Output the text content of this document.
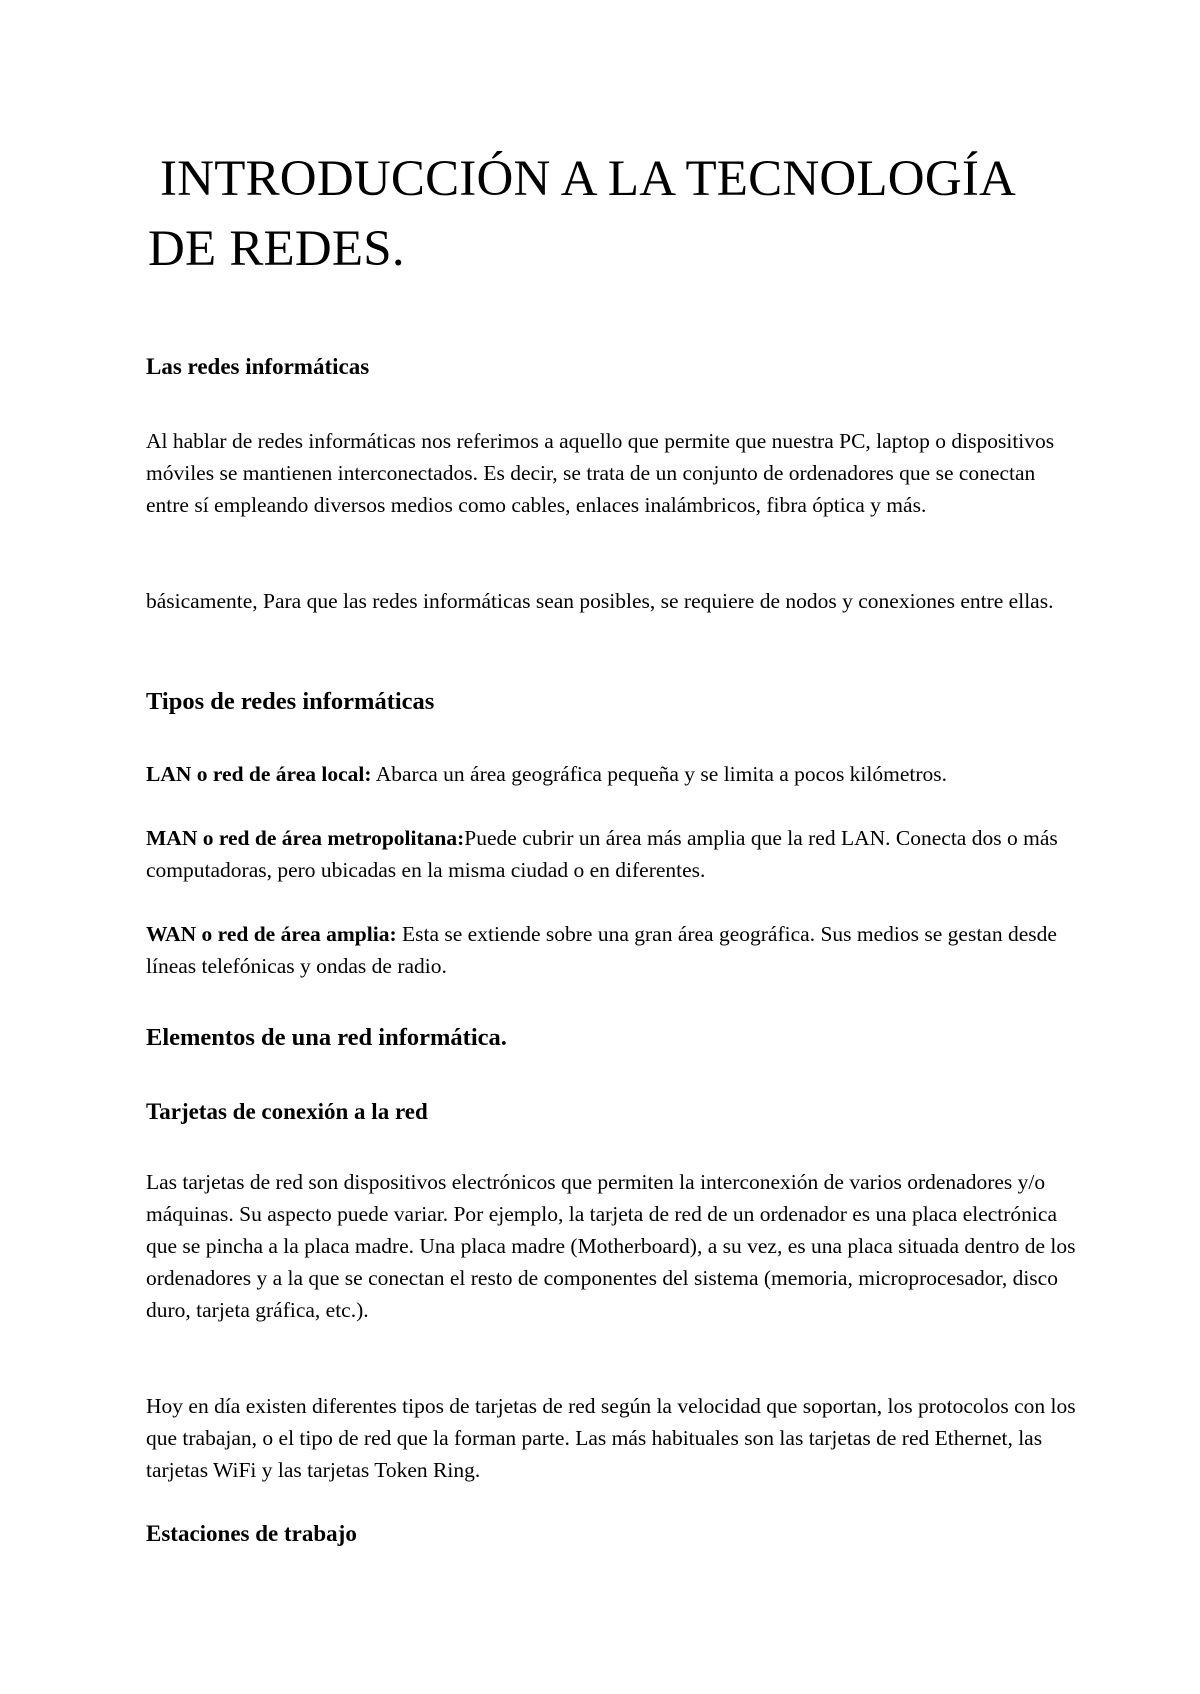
INTRODUCCIÓN A LA TECNOLOGÍA DE REDES.
Las redes informáticas

Al hablar de redes informáticas nos referimos a aquello que permite que nuestra PC, laptop o dispositivos móviles se mantienen interconectados. Es decir, se trata de un conjunto de ordenadores que se conectan entre sí empleando diversos medios como cables, enlaces inalámbricos, fibra óptica y más.

básicamente, Para que las redes informáticas sean posibles, se requiere de nodos y conexiones entre ellas.

Tipos de redes informáticas

LAN o red de área local: Abarca un área geográfica pequeña y se limita a pocos kilómetros.

MAN o red de área metropolitana:Puede cubrir un área más amplia que la red LAN. Conecta dos o más computadoras, pero ubicadas en la misma ciudad o en diferentes.

WAN o red de área amplia: Esta se extiende sobre una gran área geográfica. Sus medios se gestan desde líneas telefónicas y ondas de radio.

Elementos de una red informática.
Tarjetas de conexión a la red

Las tarjetas de red son dispositivos electrónicos que permiten la interconexión de varios ordenadores y/o máquinas. Su aspecto puede variar. Por ejemplo, la tarjeta de red de un ordenador es una placa electrónica que se pincha a la placa madre. Una placa madre (Motherboard), a su vez, es una placa situada dentro de los ordenadores y a la que se conectan el resto de componentes del sistema (memoria, microprocesador, disco duro, tarjeta gráfica, etc.).

Hoy en día existen diferentes tipos de tarjetas de red según la velocidad que soportan, los protocolos con los que trabajan, o el tipo de red que la forman parte. Las más habituales son las tarjetas de red Ethernet, las tarjetas WiFi y las tarjetas Token Ring.

Estaciones de trabajo
